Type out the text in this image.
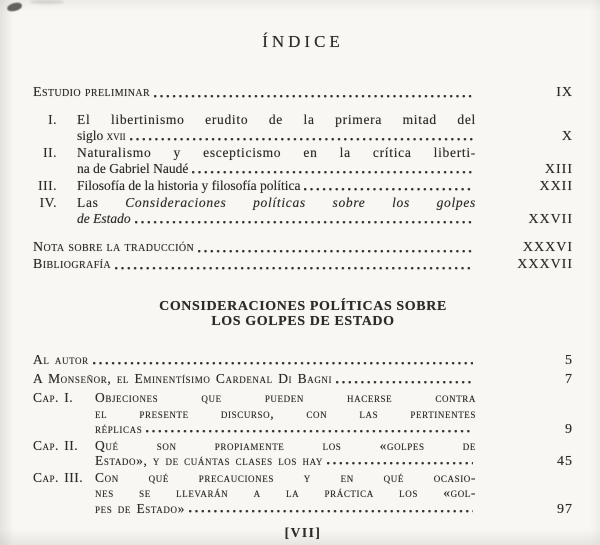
ÍNDICE
Estudio preliminar	IX
I.	El libertinismo erudito de la primera mitad del
siglo xvii	X
II.	Naturalismo y escepticismo en la crítica liberti-
na de Gabriel Naudé	XIII
III.	Filosofía de la historia y filosofía política	XXII
IV.	Las Consideraciones políticas sobre los golpes
de Estado	XXVII
Nota sobre la traducción	XXXVI
Bibliografía	XXXVII
CONSIDERACIONES POLÍTICAS SOBRE
LOS GOLPES DE ESTADO
Al autor	5
A Monseñor, el Eminentísimo Cardenal Di Bagni	7
Cap. I.	Objeciones que pueden hacerse contra
el presente discurso, con las pertinentes
réplicas	9
Cap. II.	Qué son propiamente los «golpes de
Estado», y de cuántas clases los hay	45
Cap. III. Con qué precauciones y en qué ocasio-
nes se llevarán a la práctica los «gol-
pes de Estado»	97
[VII]
